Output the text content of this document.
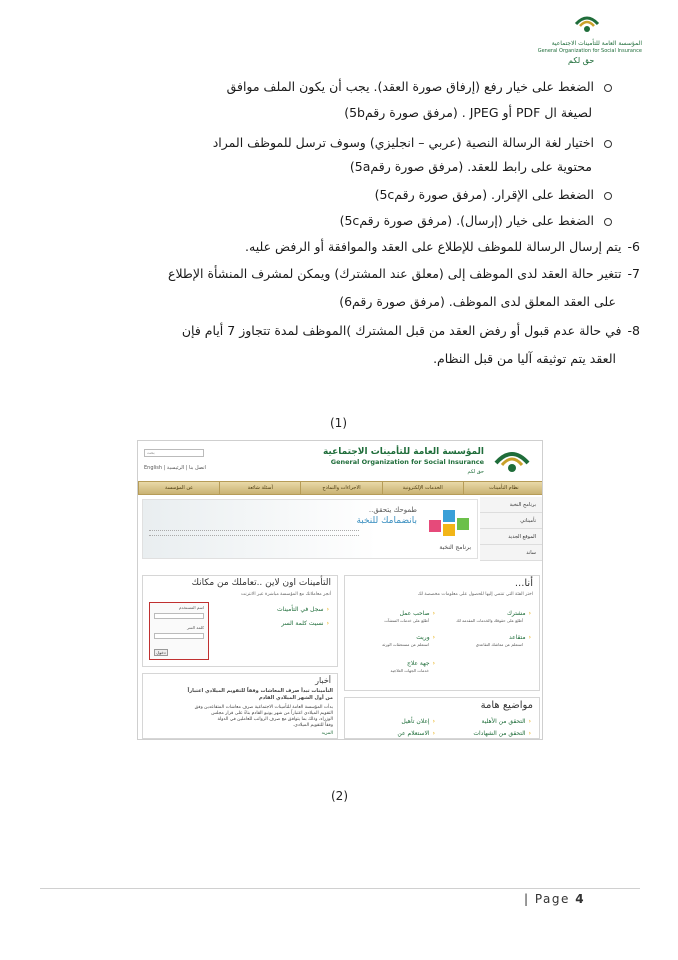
المؤسسة العامة للتأمينات الاجتماعية
General Organization for Social Insurance
حق لكم
الضغط على خيار رفع (إرفاق صورة العقد). يجب أن يكون الملف موافق
لصيغة ال PDF أو JPEG . (مرفق صورة رقم5b)
اختيار لغة الرسالة النصية (عربي – انجليزي) وسوف ترسل للموظف المراد
محتوية على رابط للعقد. (مرفق صورة رقم5a)
الضغط على الإقرار. (مرفق صورة رقم5c)
الضغط على خيار (إرسال). (مرفق صورة رقم5c)
6-يتم إرسال الرسالة للموظف للإطلاع على العقد والموافقة أو الرفض عليه.
7-تتغير حالة العقد لدى الموظف إلى (معلق عند المشترك) ويمكن لمشرف المنشأة الإطلاع
على العقد المعلق لدى الموظف. (مرفق صورة رقم6)
8-في حالة عدم قبول أو رفض العقد من قبل المشترك )الموظف لمدة تتجاوز 7 أيام فإن
العقد يتم توثيقه آليا من قبل النظام.
(1)
بحث
English | اتصل بنا | الرئيسية
المؤسسة العامة للتأمينات الاجتماعية
General Organization for Social Insurance
حق لكم
نظام التأمينات
الخدمات الإلكترونية
الاجراءات والنماذج
أسئلة شائعة
عن المؤسسة
برنامج النخبة
تأميناتي
الموقع الجديد
ساند
طموحك يتحقق..
بانضمامك للنخبة
برنامج النخبة
التأمينات اون لاين ..تعاملك من مكانك
أنجز معاملاتك مع المؤسسة مباشرة عبر الانترنت
‹سجل في التأمينات
‹نسيت كلمة السر
اسم المستخدم
كلمة السر
دخول
أخبار
التأمينات تبدأ صرف المعاشات وفقاً للتقويم الميلادي اعتباراً
من أول الشهر الميلادي القادم
بدأت المؤسسة العامة للتأمينات الاجتماعية صرف معاشات المتقاعدين وفق
التقويم الميلادي اعتباراً من شهر يونيو القادم بناءً على قرار مجلس
الوزراء، وذلك بما يتوافق مع صرف الرواتب للعاملين في الدولة
وفقاً للتقويم الميلادي.
المزيد
أنا...
اختر الفئة التي تنتمي إليها للحصول على معلومات مخصصة لك
‹مشترك
أطلع على حقوقك والخدمات المقدمة لك
‹صاحب عمل
أطلع على خدمات المنشآت
‹متقاعد
استعلم عن معاشك التقاعدي
‹وريث
استعلم عن مستحقات الورثة
‹جهة علاج
خدمات الجهات العلاجية
مواضيع هامة
‹التحقق من الأهلية
‹إعلان تأهيل
‹التحقق من الشهادات
‹الاستعلام عن
(2)
| Page 4
